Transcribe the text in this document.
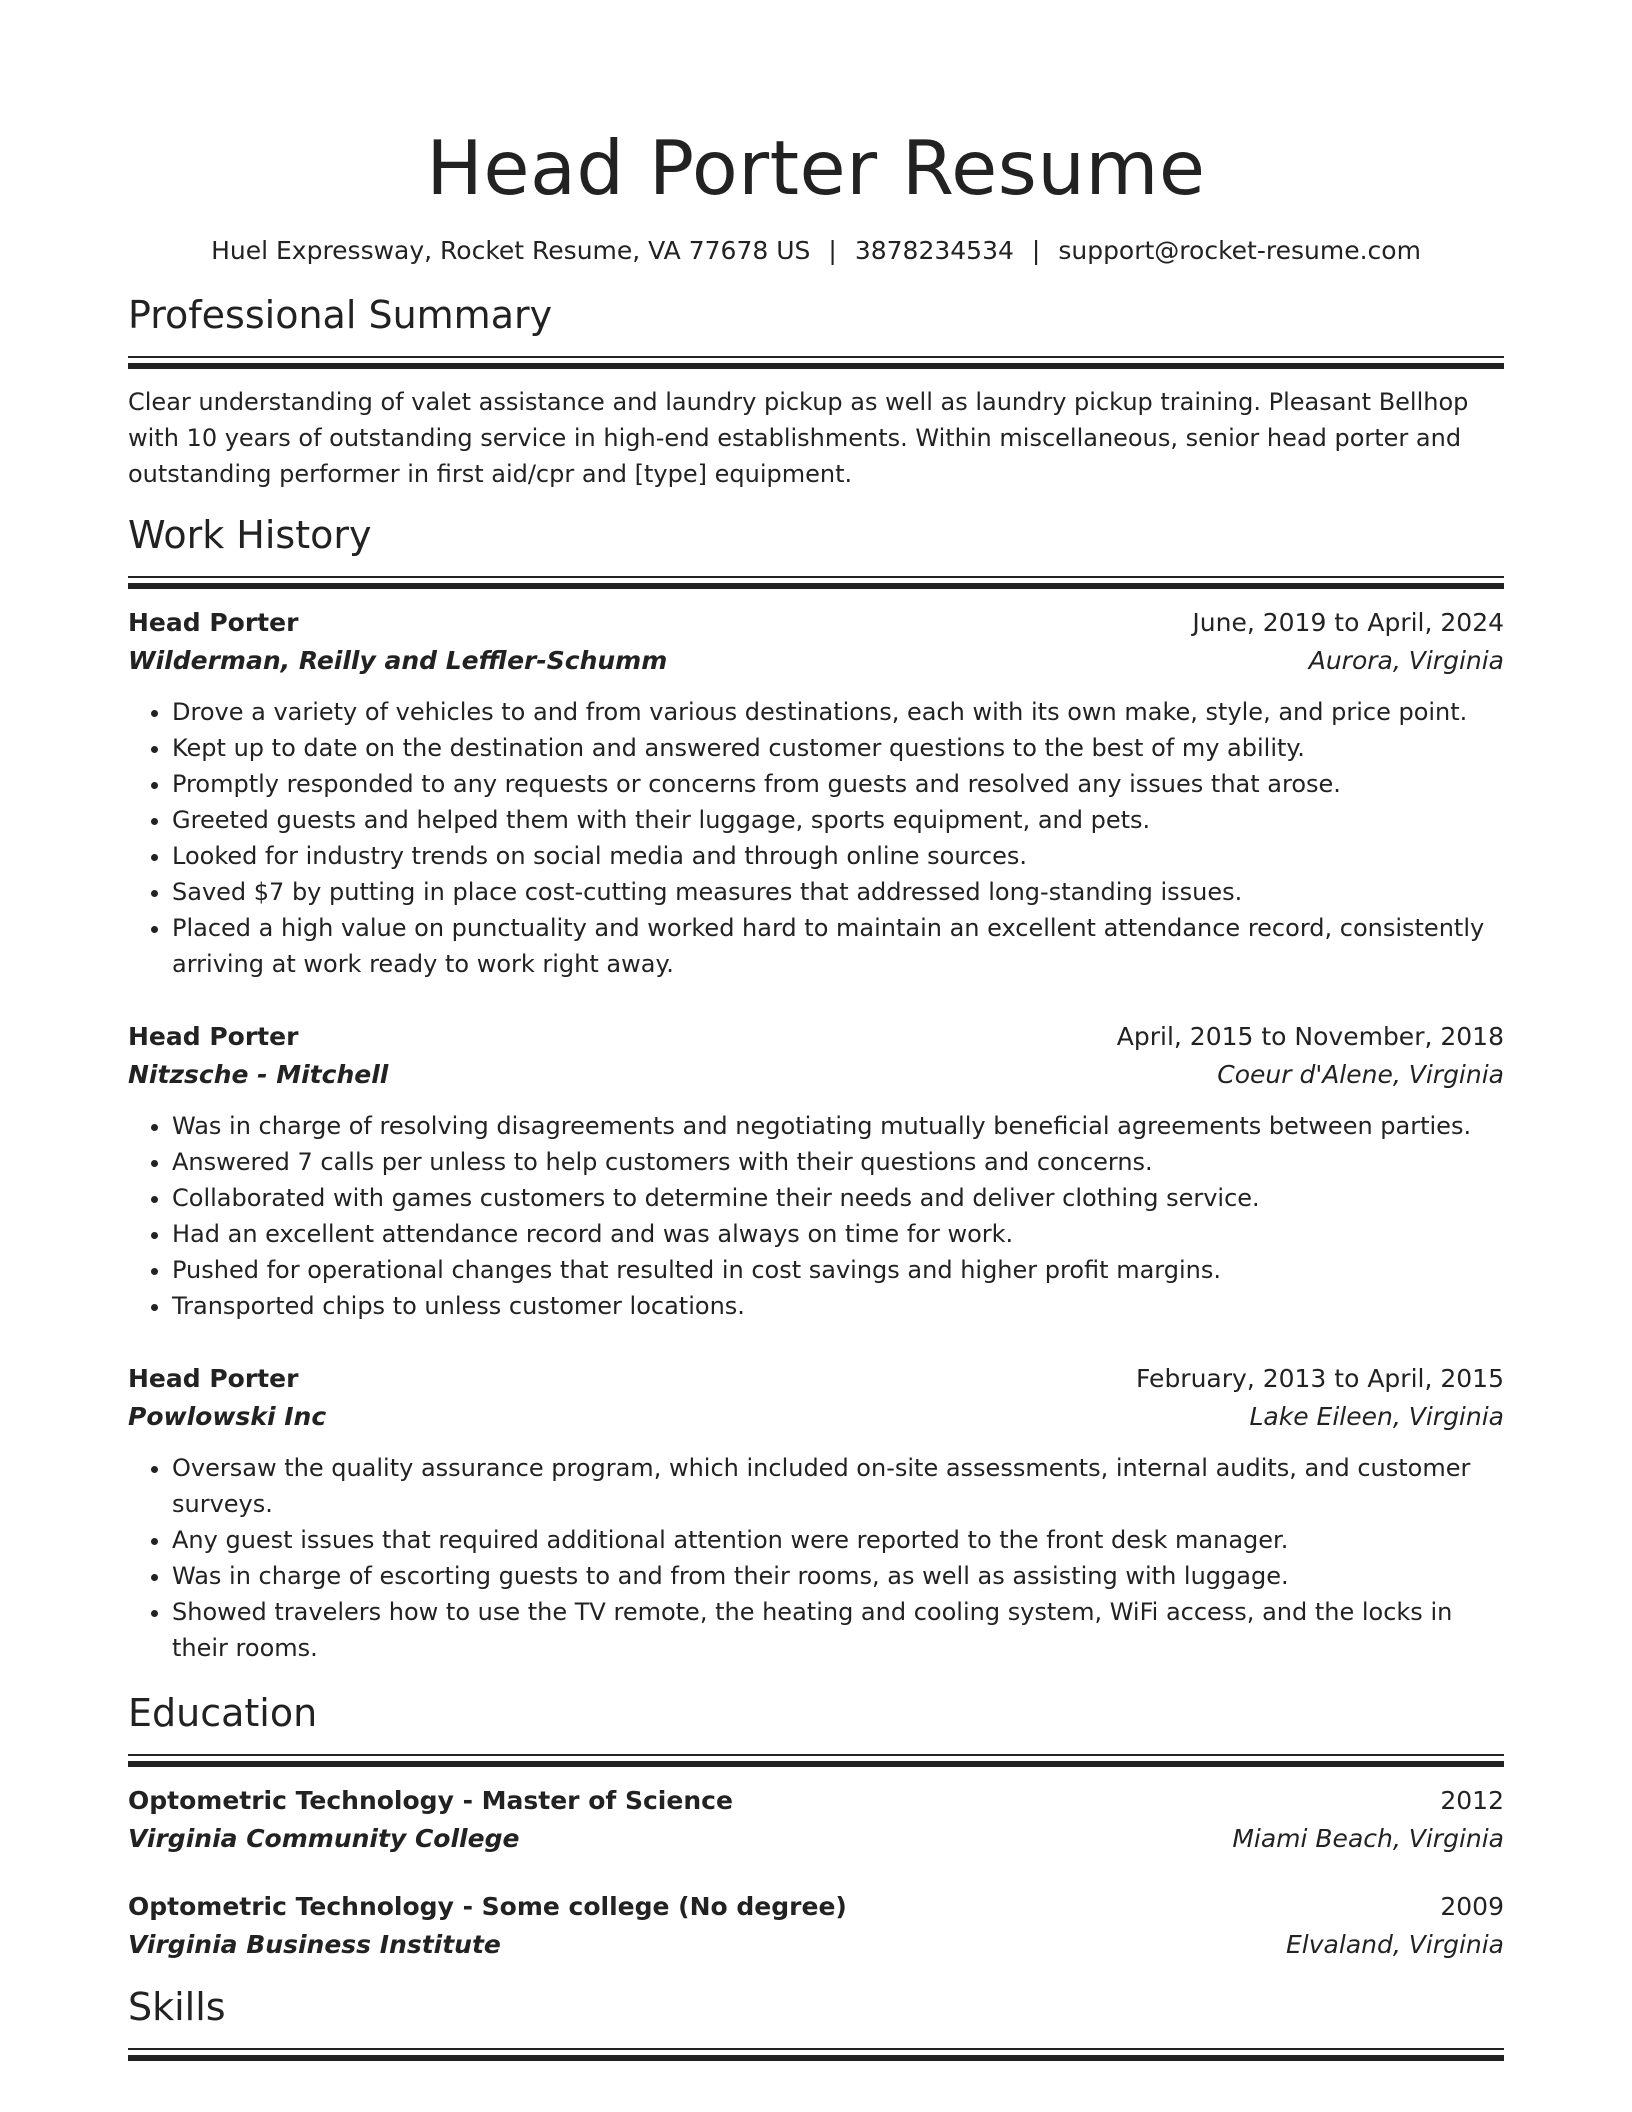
Head Porter Resume
Huel Expressway, Rocket Resume, VA 77678 US | 3878234534 | support@rocket-resume.com
Professional Summary
Clear understanding of valet assistance and laundry pickup as well as laundry pickup training. Pleasant Bellhop with 10 years of outstanding service in high-end establishments. Within miscellaneous, senior head porter and outstanding performer in first aid/cpr and [type] equipment.
Work History
Head Porter	June, 2019 to April, 2024
Wilderman, Reilly and Leffler-Schumm	Aurora, Virginia
• Drove a variety of vehicles to and from various destinations, each with its own make, style, and price point.
• Kept up to date on the destination and answered customer questions to the best of my ability.
• Promptly responded to any requests or concerns from guests and resolved any issues that arose.
• Greeted guests and helped them with their luggage, sports equipment, and pets.
• Looked for industry trends on social media and through online sources.
• Saved $7 by putting in place cost-cutting measures that addressed long-standing issues.
• Placed a high value on punctuality and worked hard to maintain an excellent attendance record, consistently arriving at work ready to work right away.
Head Porter	April, 2015 to November, 2018
Nitzsche - Mitchell	Coeur d'Alene, Virginia
• Was in charge of resolving disagreements and negotiating mutually beneficial agreements between parties.
• Answered 7 calls per unless to help customers with their questions and concerns.
• Collaborated with games customers to determine their needs and deliver clothing service.
• Had an excellent attendance record and was always on time for work.
• Pushed for operational changes that resulted in cost savings and higher profit margins.
• Transported chips to unless customer locations.
Head Porter	February, 2013 to April, 2015
Powlowski Inc	Lake Eileen, Virginia
• Oversaw the quality assurance program, which included on-site assessments, internal audits, and customer surveys.
• Any guest issues that required additional attention were reported to the front desk manager.
• Was in charge of escorting guests to and from their rooms, as well as assisting with luggage.
• Showed travelers how to use the TV remote, the heating and cooling system, WiFi access, and the locks in their rooms.
Education
Optometric Technology - Master of Science	2012
Virginia Community College	Miami Beach, Virginia
Optometric Technology - Some college (No degree)	2009
Virginia Business Institute	Elvaland, Virginia
Skills
